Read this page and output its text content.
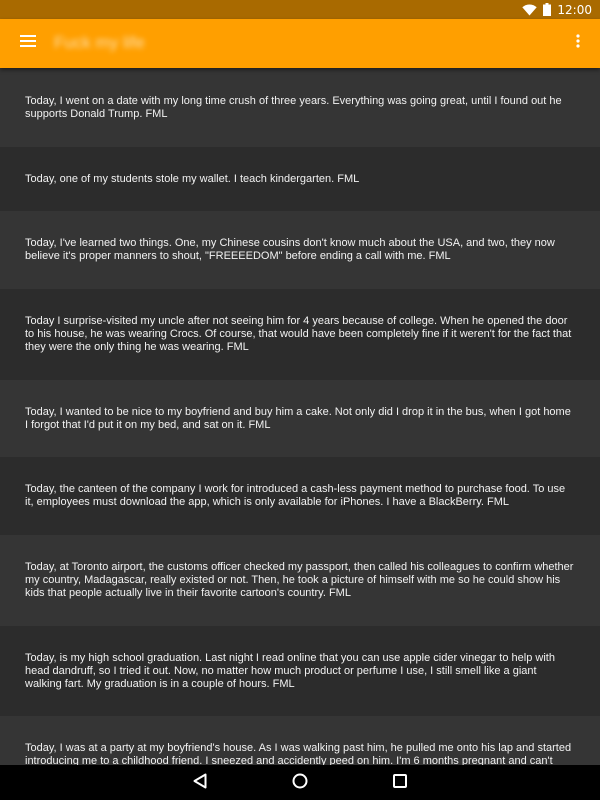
12:00
Fuck my life
Today, I went on a date with my long time crush of three years. Everything was going great, until I found out he supports Donald Trump. FML
Today, one of my students stole my wallet. I teach kindergarten. FML
Today, I've learned two things. One, my Chinese cousins don't know much about the USA, and two, they now believe it's proper manners to shout, "FREEEEDOM" before ending a call with me. FML
Today I surprise-visited my uncle after not seeing him for 4 years because of college. When he opened the door to his house, he was wearing Crocs. Of course, that would have been completely fine if it weren't for the fact that they were the only thing he was wearing. FML
Today, I wanted to be nice to my boyfriend and buy him a cake. Not only did I drop it in the bus, when I got home I forgot that I'd put it on my bed, and sat on it. FML
Today, the canteen of the company I work for introduced a cash-less payment method to purchase food. To use it, employees must download the app, which is only available for iPhones. I have a BlackBerry. FML
Today, at Toronto airport, the customs officer checked my passport, then called his colleagues to confirm whether my country, Madagascar, really existed or not. Then, he took a picture of himself with me so he could show his kids that people actually live in their favorite cartoon's country. FML
Today, is my high school graduation. Last night I read online that you can use apple cider vinegar to help with head dandruff, so I tried it out. Now, no matter how much product or perfume I use, I still smell like a giant walking fart. My graduation is in a couple of hours. FML
Today, I was at a party at my boyfriend's house. As I was walking past him, he pulled me onto his lap and started introducing me to a childhood friend. I sneezed and accidently peed on him. I'm 6 months pregnant and can't
